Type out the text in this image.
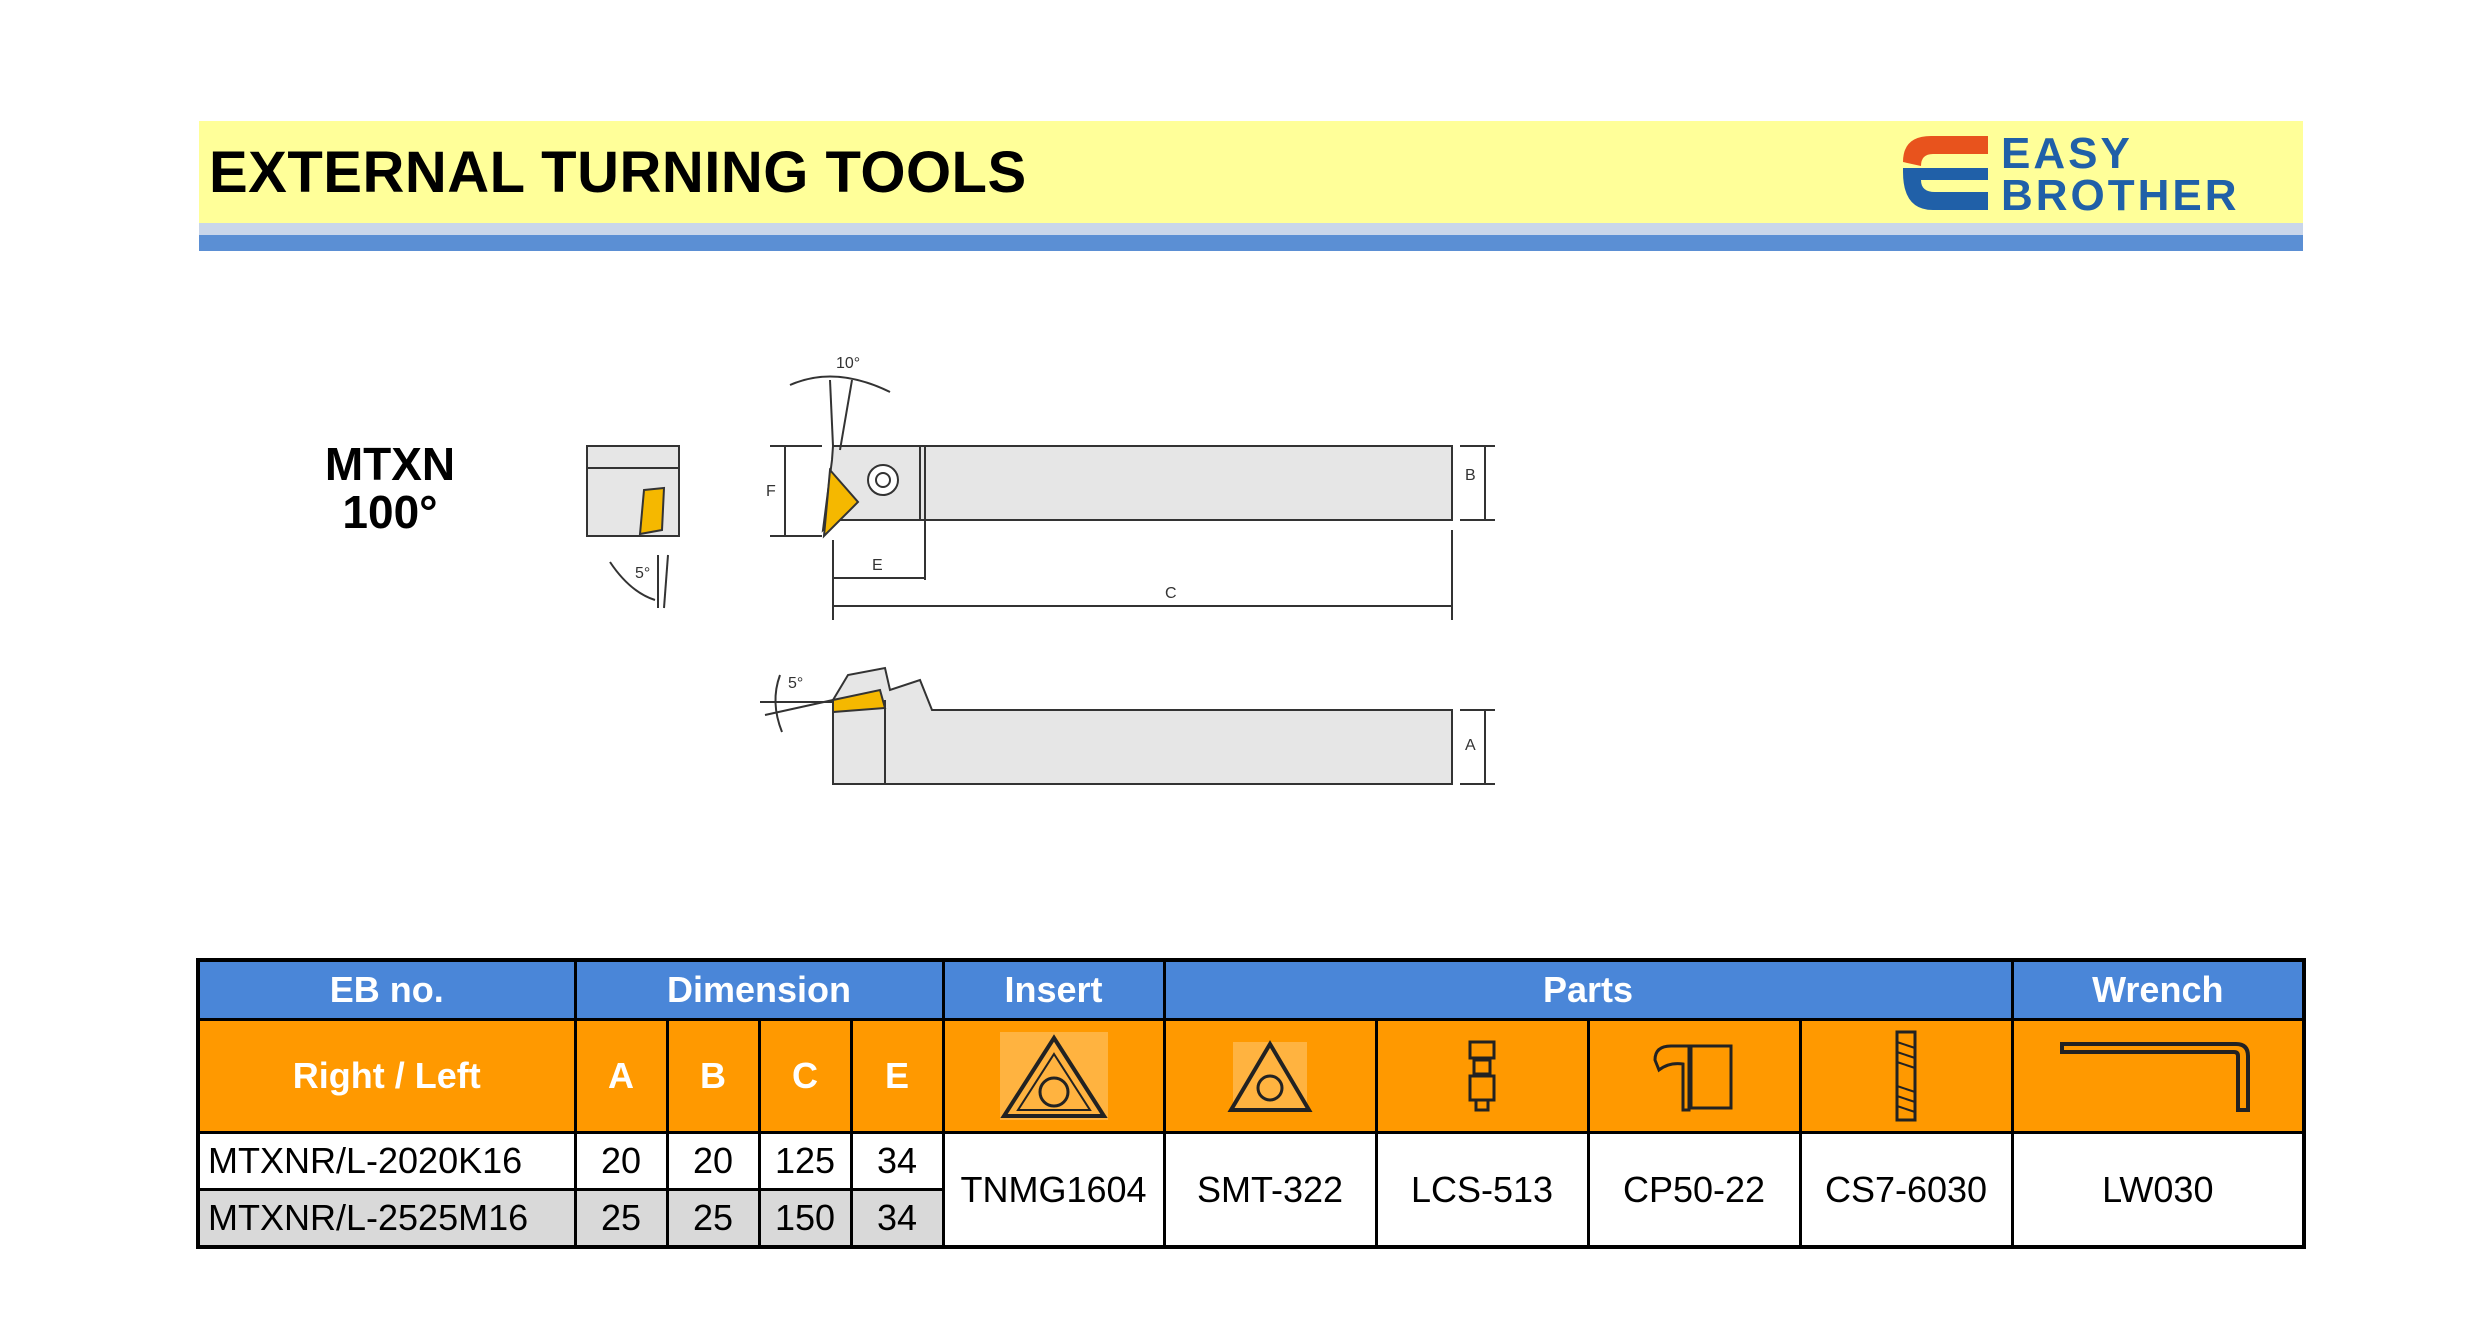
EXTERNAL TURNING TOOLS	EASY
BROTHER
MTXN
100°
5°
10°
F
B
E
C
5°
A
EB no.	Dimension				Insert	Parts				Wrench
Right / Left	A	B	C	E						
MTXNR/L-2020K16	20	20	125	34	TNMG1604	SMT-322	LCS-513	CP50-22	CS7-6030	LW030
MTXNR/L-2525M16	25	25	150	34						
